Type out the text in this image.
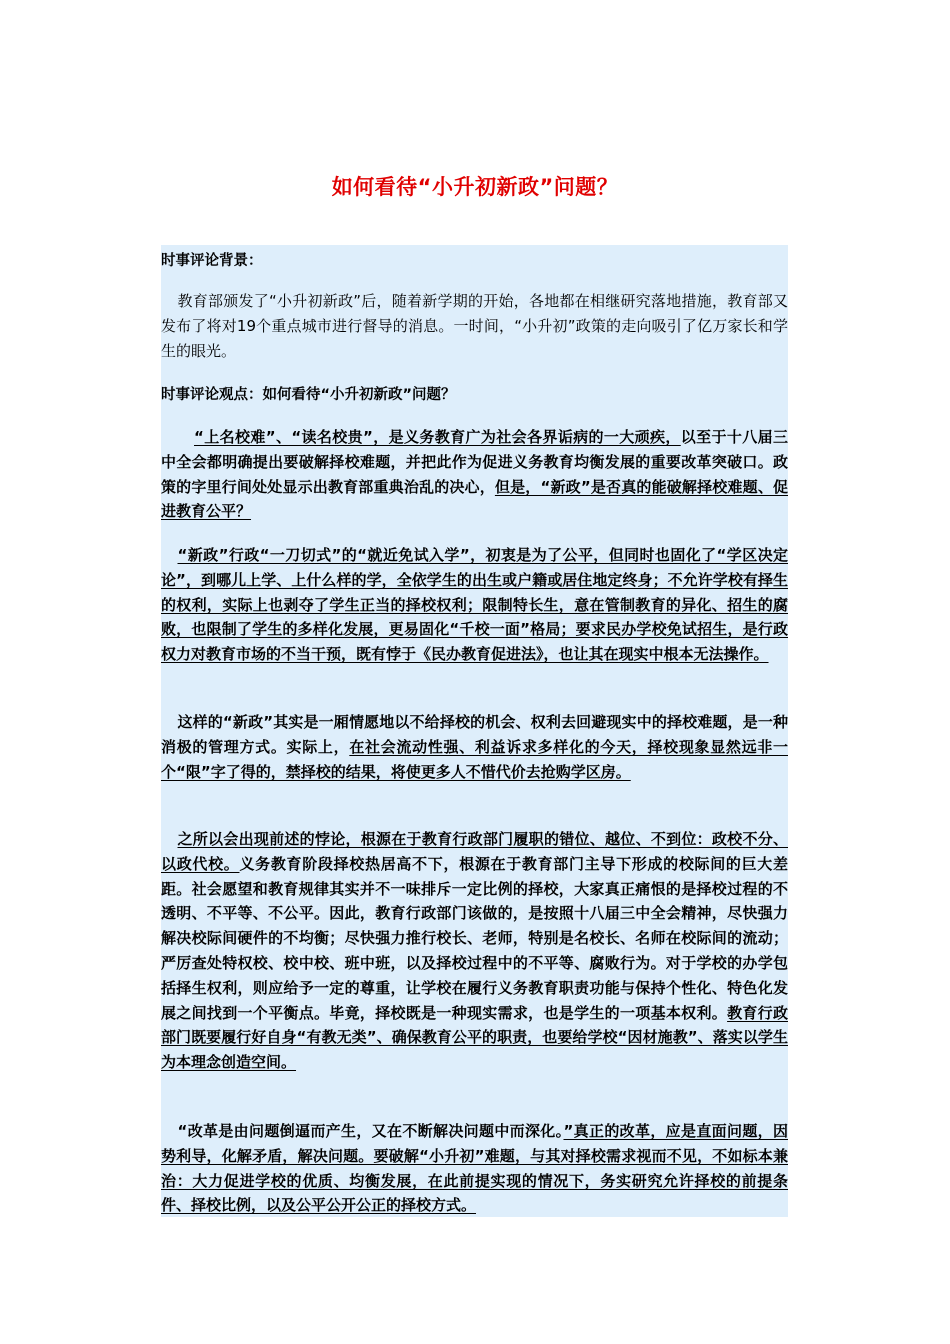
如何看待“小升初新政”问题？

时事评论背景：

教育部颁发了“小升初新政”后，随着新学期的开始，各地都在相继研究落地措施，教育部又发布了将对19个重点城市进行督导的消息。一时间，“小升初”政策的走向吸引了亿万家长和学生的眼光。

时事评论观点：如何看待“小升初新政”问题？

“上名校难”、“读名校贵”，是义务教育广为社会各界诟病的一大顽疾，以至于十八届三中全会都明确提出要破解择校难题，并把此作为促进义务教育均衡发展的重要改革突破口。政策的字里行间处处显示出教育部重典治乱的决心，但是，“新政”是否真的能破解择校难题、促进教育公平？

“新政”行政“一刀切式”的“就近免试入学”，初衷是为了公平，但同时也固化了“学区决定论”，到哪儿上学、上什么样的学，全依学生的出生或户籍或居住地定终身；不允许学校有择生的权利，实际上也剥夺了学生正当的择校权利；限制特长生，意在管制教育的异化、招生的腐败，也限制了学生的多样化发展，更易固化“千校一面”格局；要求民办学校免试招生，是行政权力对教育市场的不当干预，既有悖于《民办教育促进法》，也让其在现实中根本无法操作。

这样的“新政”其实是一厢情愿地以不给择校的机会、权利去回避现实中的择校难题，是一种消极的管理方式。实际上，在社会流动性强、利益诉求多样化的今天，择校现象显然远非一个“限”字了得的，禁择校的结果，将使更多人不惜代价去抢购学区房。

之所以会出现前述的悖论，根源在于教育行政部门履职的错位、越位、不到位：政校不分、以政代校。义务教育阶段择校热居高不下，根源在于教育部门主导下形成的校际间的巨大差距。社会愿望和教育规律其实并不一味排斥一定比例的择校，大家真正痛恨的是择校过程的不透明、不平等、不公平。因此，教育行政部门该做的，是按照十八届三中全会精神，尽快强力解决校际间硬件的不均衡；尽快强力推行校长、老师，特别是名校长、名师在校际间的流动；严厉查处特权校、校中校、班中班，以及择校过程中的不平等、腐败行为。对于学校的办学包括择生权利，则应给予一定的尊重，让学校在履行义务教育职责功能与保持个性化、特色化发展之间找到一个平衡点。毕竟，择校既是一种现实需求，也是学生的一项基本权利。教育行政部门既要履行好自身“有教无类”、确保教育公平的职责，也要给学校“因材施教”、落实以学生为本理念创造空间。

“改革是由问题倒逼而产生，又在不断解决问题中而深化。”真正的改革，应是直面问题，因势利导，化解矛盾，解决问题。要破解“小升初”难题，与其对择校需求视而不见，不如标本兼治：大力促进学校的优质、均衡发展，在此前提实现的情况下，务实研究允许择校的前提条件、择校比例，以及公平公开公正的择校方式。
